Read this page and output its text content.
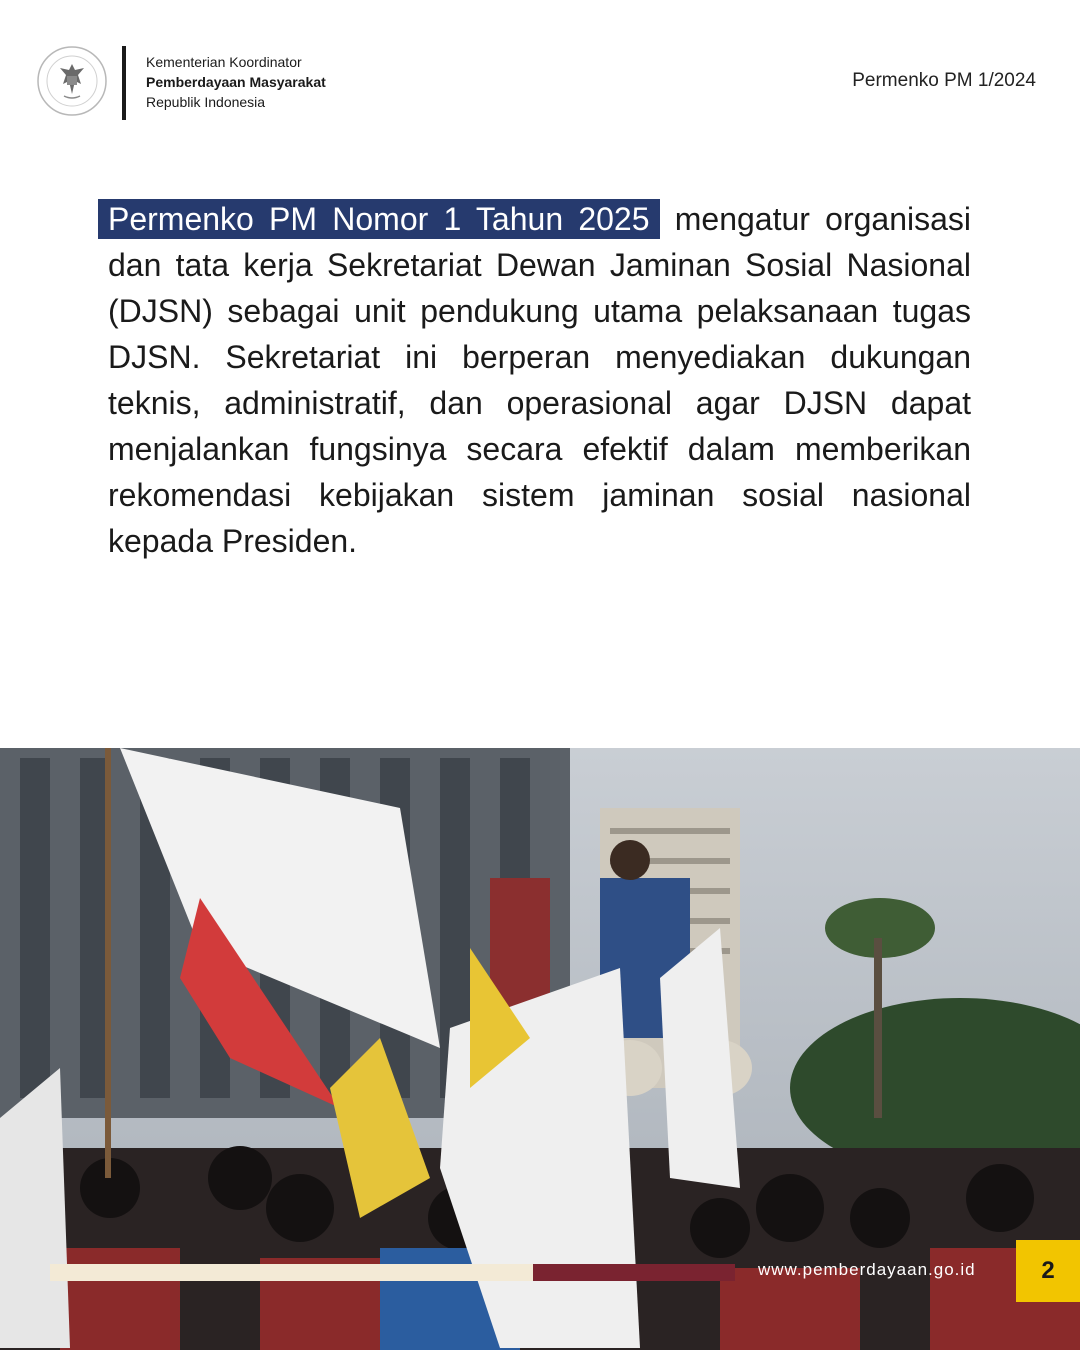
Kementerian Koordinator
Pemberdayaan Masyarakat
Republik Indonesia
Permenko PM 1/2024
Permenko PM Nomor 1 Tahun 2025 mengatur organisasi dan tata kerja Sekretariat Dewan Jaminan Sosial Nasional (DJSN) sebagai unit pendukung utama pelaksanaan tugas DJSN. Sekretariat ini berperan menyediakan dukungan teknis, administratif, dan operasional agar DJSN dapat menjalankan fungsinya secara efektif dalam memberikan rekomendasi kebijakan sistem jaminan sosial nasional kepada Presiden.
www.pemberdayaan.go.id	2
